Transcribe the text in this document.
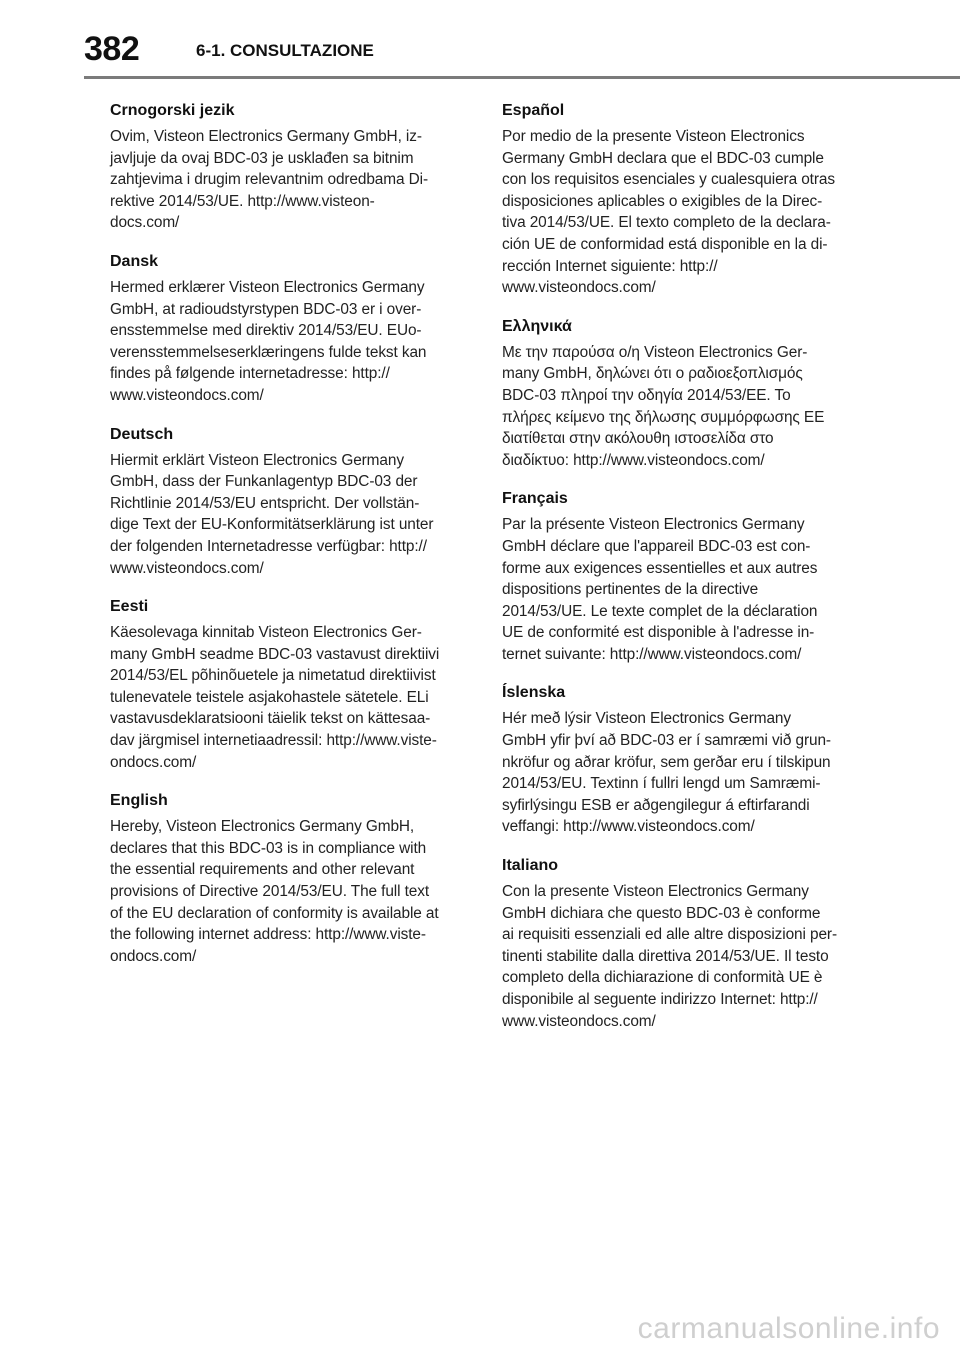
382	6-1. CONSULTAZIONE
Crnogorski jezik

Ovim, Visteon Electronics Germany GmbH, iz-
javljuje da ovaj BDC-03 je usklađen sa bitnim
zahtjevima i drugim relevantnim odredbama Di-
rektive 2014/53/UE. http://www.visteon-
docs.com/

Dansk

Hermed erklærer Visteon Electronics Germany
GmbH, at radioudstyrstypen BDC-03 er i over-
ensstemmelse med direktiv 2014/53/EU. EUo-
verensstemmelseserklæringens fulde tekst kan
findes på følgende internetadresse: http://
www.visteondocs.com/

Deutsch

Hiermit erklärt Visteon Electronics Germany
GmbH, dass der Funkanlagentyp BDC-03 der
Richtlinie 2014/53/EU entspricht. Der vollstän-
dige Text der EU-Konformitätserklärung ist unter
der folgenden Internetadresse verfügbar: http://
www.visteondocs.com/

Eesti

Käesolevaga kinnitab Visteon Electronics Ger-
many GmbH seadme BDC-03 vastavust direktiivi
2014/53/EL põhinõuetele ja nimetatud direktiivist
tulenevatele teistele asjakohastele sätetele. ELi
vastavusdeklaratsiooni täielik tekst on kättesaa-
dav järgmisel internetiaadressil: http://www.viste-
ondocs.com/

English

Hereby, Visteon Electronics Germany GmbH,
declares that this BDC-03 is in compliance with
the essential requirements and other relevant
provisions of Directive 2014/53/EU. The full text
of the EU declaration of conformity is available at
the following internet address: http://www.viste-
ondocs.com/

Español

Por medio de la presente Visteon Electronics
Germany GmbH declara que el BDC-03 cumple
con los requisitos esenciales y cualesquiera otras
disposiciones aplicables o exigibles de la Direc-
tiva 2014/53/UE. El texto completo de la declara-
ción UE de conformidad está disponible en la di-
rección Internet siguiente: http://
www.visteondocs.com/

Ελληνικά

Με την παρούσα ο/η Visteon Electronics Ger-
many GmbH, δηλώνει ότι ο ραδιοεξοπλισμός
BDC-03 πληροί την οδηγία 2014/53/ΕΕ. Το
πλήρες κείμενο της δήλωσης συμμόρφωσης ΕΕ
διατίθεται στην ακόλουθη ιστοσελίδα στο
διαδίκτυο: http://www.visteondocs.com/

Français

Par la présente Visteon Electronics Germany
GmbH déclare que l'appareil BDC-03 est con-
forme aux exigences essentielles et aux autres
dispositions pertinentes de la directive
2014/53/UE. Le texte complet de la déclaration
UE de conformité est disponible à l'adresse in-
ternet suivante: http://www.visteondocs.com/

Íslenska

Hér með lýsir Visteon Electronics Germany
GmbH yfir því að BDC-03 er í samræmi við grun-
nkröfur og aðrar kröfur, sem gerðar eru í tilskipun
2014/53/EU. Textinn í fullri lengd um Samræmi-
syfirlýsingu ESB er aðgengilegur á eftirfarandi
veffangi: http://www.visteondocs.com/

Italiano

Con la presente Visteon Electronics Germany
GmbH dichiara che questo BDC-03 è conforme
ai requisiti essenziali ed alle altre disposizioni per-
tinenti stabilite dalla direttiva 2014/53/UE. Il testo
completo della dichiarazione di conformità UE è
disponibile al seguente indirizzo Internet: http://
www.visteondocs.com/

carmanualsonline.info
